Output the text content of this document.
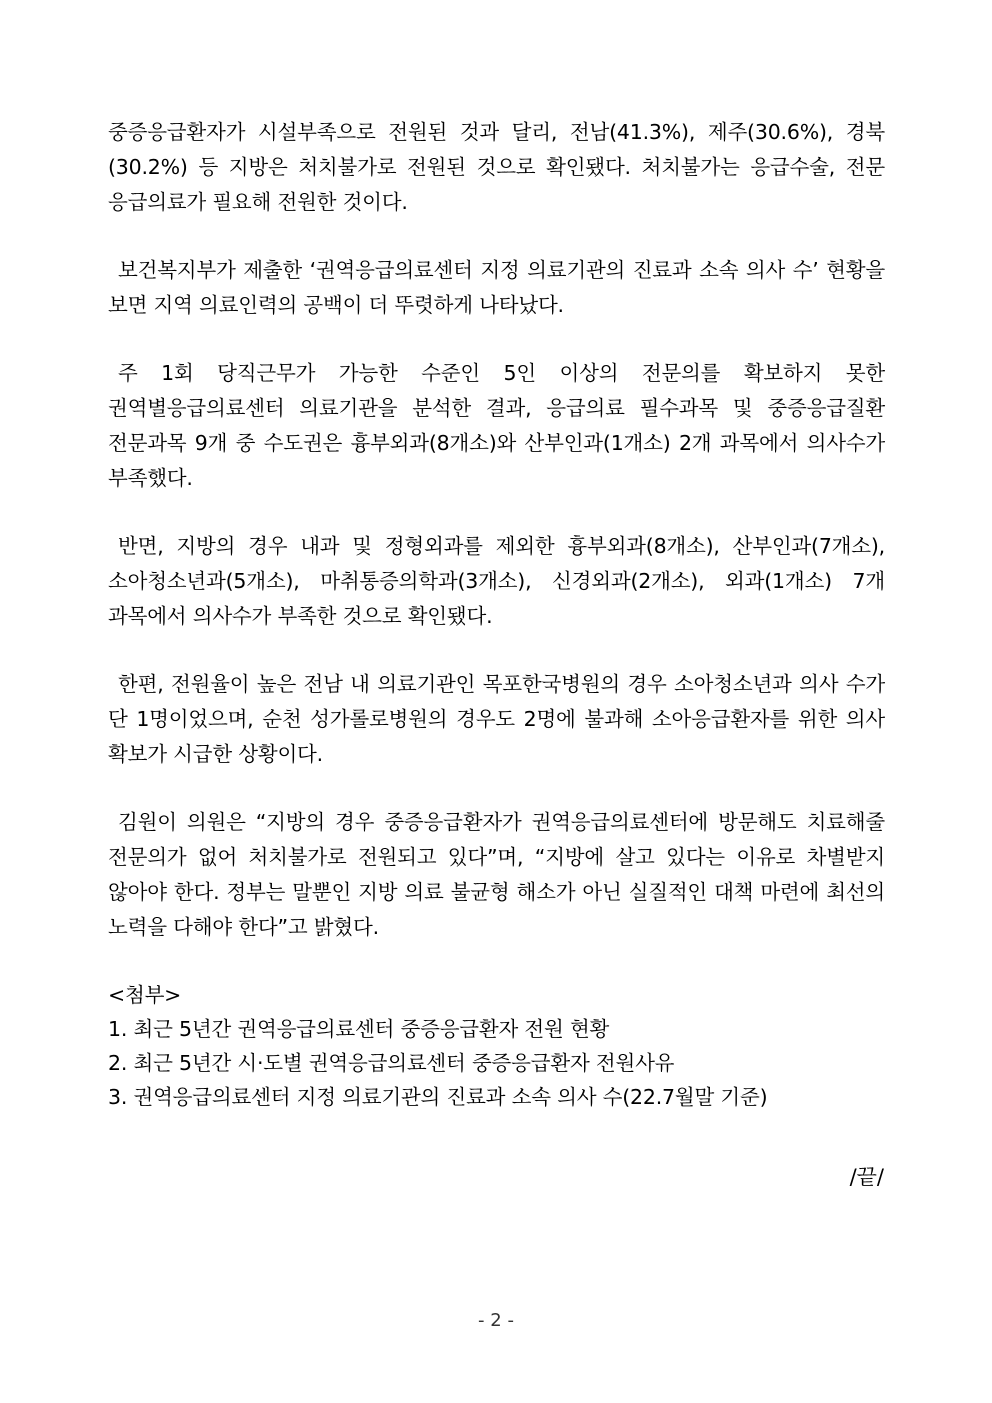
중증응급환자가 시설부족으로 전원된 것과 달리, 전남(41.3%), 제주(30.6%), 경북(30.2%) 등 지방은 처치불가로 전원된 것으로 확인됐다. 처치불가는 응급수술, 전문 응급의료가 필요해 전원한 것이다.

보건복지부가 제출한 ‘권역응급의료센터 지정 의료기관의 진료과 소속 의사 수’ 현황을 보면 지역 의료인력의 공백이 더 뚜렷하게 나타났다.

주 1회 당직근무가 가능한 수준인 5인 이상의 전문의를 확보하지 못한 권역별응급의료센터 의료기관을 분석한 결과, 응급의료 필수과목 및 중증응급질환 전문과목 9개 중 수도권은 흉부외과(8개소)와 산부인과(1개소) 2개 과목에서 의사수가 부족했다.

반면, 지방의 경우 내과 및 정형외과를 제외한 흉부외과(8개소), 산부인과(7개소), 소아청소년과(5개소), 마취통증의학과(3개소), 신경외과(2개소), 외과(1개소) 7개 과목에서 의사수가 부족한 것으로 확인됐다.

한편, 전원율이 높은 전남 내 의료기관인 목포한국병원의 경우 소아청소년과 의사 수가 단 1명이었으며, 순천 성가롤로병원의 경우도 2명에 불과해 소아응급환자를 위한 의사 확보가 시급한 상황이다.

김원이 의원은 “지방의 경우 중증응급환자가 권역응급의료센터에 방문해도 치료해줄 전문의가 없어 처치불가로 전원되고 있다”며, “지방에 살고 있다는 이유로 차별받지 않아야 한다. 정부는 말뿐인 지방 의료 불균형 해소가 아닌 실질적인 대책 마련에 최선의 노력을 다해야 한다”고 밝혔다.

<첨부>

1. 최근 5년간 권역응급의료센터 중증응급환자 전원 현황
2. 최근 5년간 시·도별 권역응급의료센터 중증응급환자 전원사유
3. 권역응급의료센터 지정 의료기관의 진료과 소속 의사 수(22.7월말 기준)
/끝/
- 2 -
